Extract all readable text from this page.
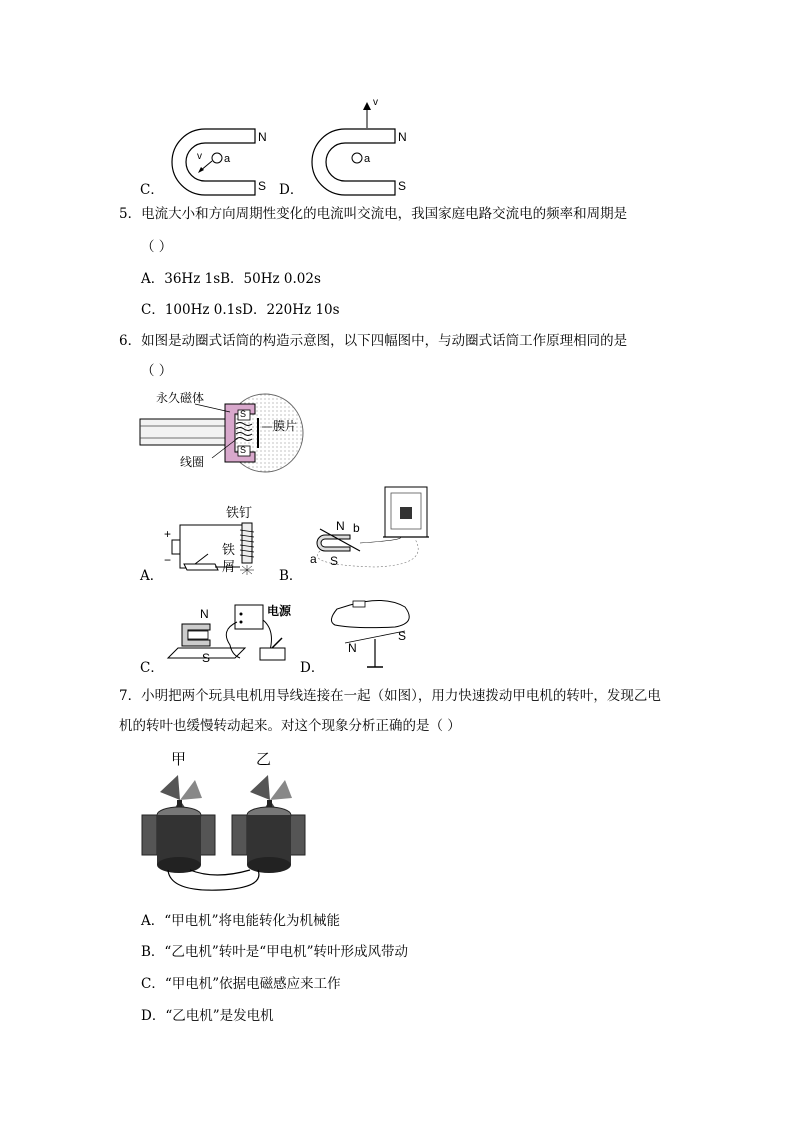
N
S
v a
C．
v
N
S
a
D．
5．电流大小和方向周期性变化的电流叫交流电，我国家庭电路交流电的频率和周期是
（ ）
A．36Hz 1sB．50Hz 0.02s
C．100Hz 0.1sD．220Hz 10s
6．如图是动圈式话筒的构造示意图，以下四幅图中，与动圈式话筒工作原理相同的是
（ ）
永久磁体
膜片
线圈
S
S
铁钉
铁
屑
+
−
A．
N
S
a
b
B．
N
S
电源
C．
N
S
D．
7．小明把两个玩具电机用导线连接在一起（如图），用力快速拨动甲电机的转叶，发现乙电
机的转叶也缓慢转动起来。对这个现象分析正确的是（ ）
甲	乙
A．“甲电机”将电能转化为机械能
B．“乙电机”转叶是“甲电机”转叶形成风带动
C．“甲电机”依据电磁感应来工作
D．“乙电机”是发电机
